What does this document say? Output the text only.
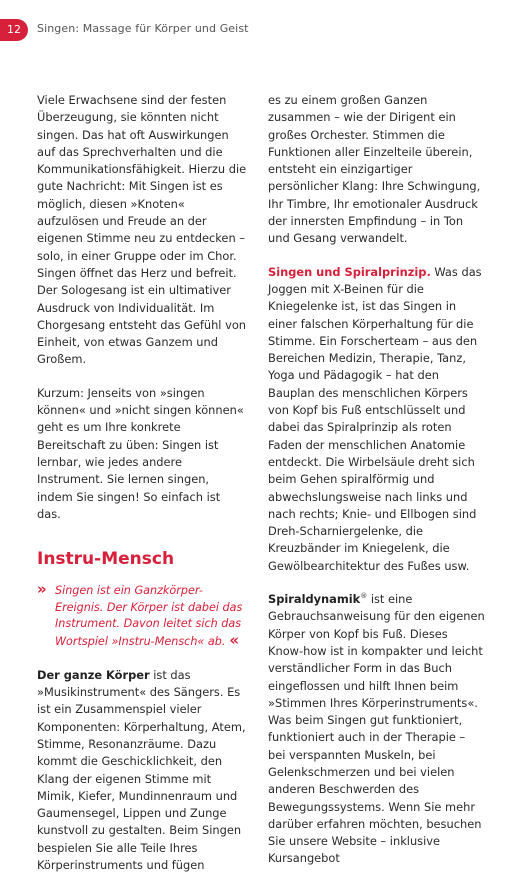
12	Singen: Massage für Körper und Geist

Viele Erwachsene sind der festen Überzeugung, sie könnten nicht singen. Das hat oft Auswirkungen auf das Sprechverhalten und die Kommunikationsfähigkeit. Hierzu die gute Nachricht: Mit Singen ist es möglich, diesen »Knoten« aufzulösen und Freude an der eigenen Stimme neu zu entdecken – solo, in einer Gruppe oder im Chor. Singen öffnet das Herz und befreit. Der Sologesang ist ein ultimativer Ausdruck von Individualität. Im Chorgesang entsteht das Gefühl von Einheit, von etwas Ganzem und Großem.

Kurzum: Jenseits von »singen können« und »nicht singen können« geht es um Ihre konkrete Bereitschaft zu üben: Singen ist lernbar, wie jedes andere Instrument. Sie lernen singen, indem Sie singen! So einfach ist das.

Instru-Mensch
» Singen ist ein Ganzkörper-Ereignis. Der Körper ist dabei das Instrument. Davon leitet sich das Wortspiel »Instru-Mensch« ab. «

Der ganze Körper ist das »Musikinstrument« des Sängers. Es ist ein Zusammenspiel vieler Komponenten: Körperhaltung, Atem, Stimme, Resonanzräume. Dazu kommt die Geschicklichkeit, den Klang der eigenen Stimme mit Mimik, Kiefer, Mundinnenraum und Gaumensegel, Lippen und Zunge kunstvoll zu gestalten. Beim Singen bespielen Sie alle Teile Ihres Körperinstruments und fügen

es zu einem großen Ganzen zusammen – wie der Dirigent ein großes Orchester. Stimmen die Funktionen aller Einzelteile überein, entsteht ein einzigartiger persönlicher Klang: Ihre Schwingung, Ihr Timbre, Ihr emotionaler Ausdruck der innersten Empfindung – in Ton und Gesang verwandelt.

Singen und Spiralprinzip. Was das Joggen mit X-Beinen für die Kniegelenke ist, ist das Singen in einer falschen Körperhaltung für die Stimme. Ein Forscherteam – aus den Bereichen Medizin, Therapie, Tanz, Yoga und Pädagogik – hat den Bauplan des menschlichen Körpers von Kopf bis Fuß entschlüsselt und dabei das Spiralprinzip als roten Faden der menschlichen Anatomie entdeckt. Die Wirbelsäule dreht sich beim Gehen spiralförmig und abwechslungsweise nach links und nach rechts; Knie- und Ellbogen sind Dreh-Scharniergelenke, die Kreuzbänder im Kniegelenk, die Gewölbearchitektur des Fußes usw.

Spiraldynamik® ist eine Gebrauchsanweisung für den eigenen Körper von Kopf bis Fuß. Dieses Know-how ist in kompakter und leicht verständlicher Form in das Buch eingeflossen und hilft Ihnen beim »Stimmen Ihres Körperinstruments«. Was beim Singen gut funktioniert, funktioniert auch in der Therapie – bei verspannten Muskeln, bei Gelenkschmerzen und bei vielen anderen Beschwerden des Bewegungssystems. Wenn Sie mehr darüber erfahren möchten, besuchen Sie unsere Website – inklusive Kursangebot
